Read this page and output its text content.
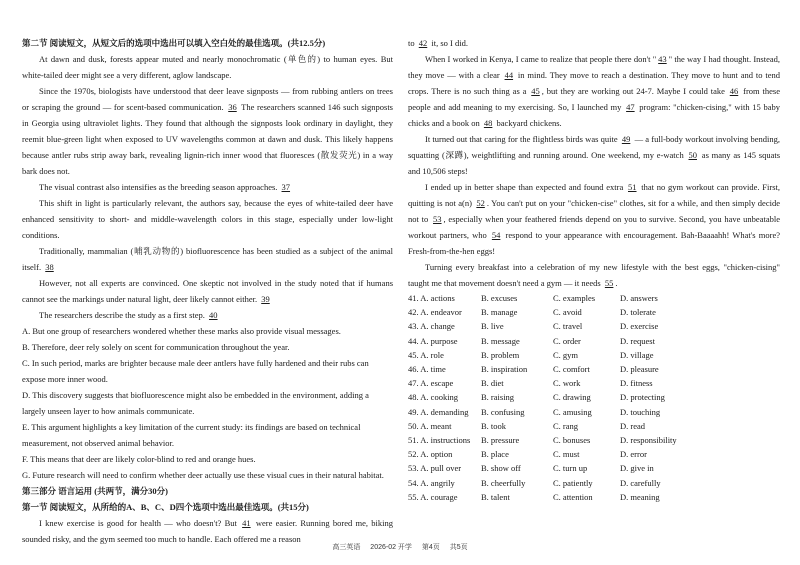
第二节 阅读短文，从短文后的选项中选出可以填入空白处的最佳选项。(共12.5分)

At dawn and dusk, forests appear muted and nearly monochromatic (单色的) to human eyes. But white-tailed deer might see a very different, aglow landscape.

Since the 1970s, biologists have understood that deer leave signposts — from rubbing antlers on trees or scraping the ground — for scent-based communication. 36 The researchers scanned 146 such signposts in Georgia using ultraviolet lights. They found that although the signposts look ordinary in daylight, they reemit blue-green light when exposed to UV wavelengths common at dawn and dusk. This likely happens because antler rubs strip away bark, revealing lignin-rich inner wood that fluoresces (散发荧光) in a way bark does not.

The visual contrast also intensifies as the breeding season approaches. 37

This shift in light is particularly relevant, the authors say, because the eyes of white-tailed deer have enhanced sensitivity to short- and middle-wavelength colors in this stage, especially under low-light conditions.

Traditionally, mammalian (哺乳动物的) biofluorescence has been studied as a subject of the animal itself. 38

However, not all experts are convinced. One skeptic not involved in the study noted that if humans cannot see the markings under natural light, deer likely cannot either. 39

The researchers describe the study as a first step. 40

A. But one group of researchers wondered whether these marks also provide visual messages.
B. Therefore, deer rely solely on scent for communication throughout the year.
C. In such period, marks are brighter because male deer antlers have fully hardened and their rubs can expose more inner wood.
D. This discovery suggests that biofluorescence might also be embedded in the environment, adding a largely unseen layer to how animals communicate.
E. This argument highlights a key limitation of the current study: its findings are based on technical measurement, not observed animal behavior.
F. This means that deer are likely color-blind to red and orange hues.
G. Future research will need to confirm whether deer actually use these visual cues in their natural habitat.
第三部分 语言运用 (共两节，满分30分)
第一节 阅读短文，从所给的A、B、C、D四个选项中选出最佳选项。(共15分)

I knew exercise is good for health — who doesn't? But 41 were easier. Running bored me, biking sounded risky, and the gym seemed too much to handle. Each offered me a reason

to 42 it, so I did.

When I worked in Kenya, I came to realize that people there don't " 43 " the way I had thought. Instead, they move — with a clear 44 in mind. They move to reach a destination. They move to hunt and to tend crops. There is no such thing as a 45 , but they are working out 24-7. Maybe I could take 46 from these people and add meaning to my exercising. So, I launched my 47 program: "chicken-cising," with 15 baby chicks and a book on 48 backyard chickens.

It turned out that caring for the flightless birds was quite 49 — a full-body workout involving bending, squatting (深蹲), weightlifting and running around. One weekend, my e-watch 50 as many as 145 squats and 10,506 steps!

I ended up in better shape than expected and found extra 51 that no gym workout can provide. First, quitting is not a(n) 52 . You can't put on your "chicken-cise" clothes, sit for a while, and then simply decide not to 53 , especially when your feathered friends depend on you to survive. Second, you have unbeatable workout partners, who 54 respond to your appearance with encouragement. Bah-Baaaahh! What's more? Fresh-from-the-hen eggs!

Turning every breakfast into a celebration of my new lifestyle with the best eggs, "chicken-cising" taught me that movement doesn't need a gym — it needs 55 .

41. A. actions	B. excuses	C. examples	D. answers
42. A. endeavor	B. manage	C. avoid	D. tolerate
43. A. change	B. live	C. travel	D. exercise
44. A. purpose	B. message	C. order	D. request
45. A. role	B. problem	C. gym	D. village
46. A. time	B. inspiration	C. comfort	D. pleasure
47. A. escape	B. diet	C. work	D. fitness
48. A. cooking	B. raising	C. drawing	D. protecting
49. A. demanding	B. confusing	C. amusing	D. touching
50. A. meant	B. took	C. rang	D. read
51. A. instructions	B. pressure	C. bonuses	D. responsibility
52. A. option	B. place	C. must	D. error
53. A. pull over	B. show off	C. turn up	D. give in
54. A. angrily	B. cheerfully	C. patiently	D. carefully
55. A. courage	B. talent	C. attention	D. meaning
高三英语 2026-02 开学 第4页 共5页
